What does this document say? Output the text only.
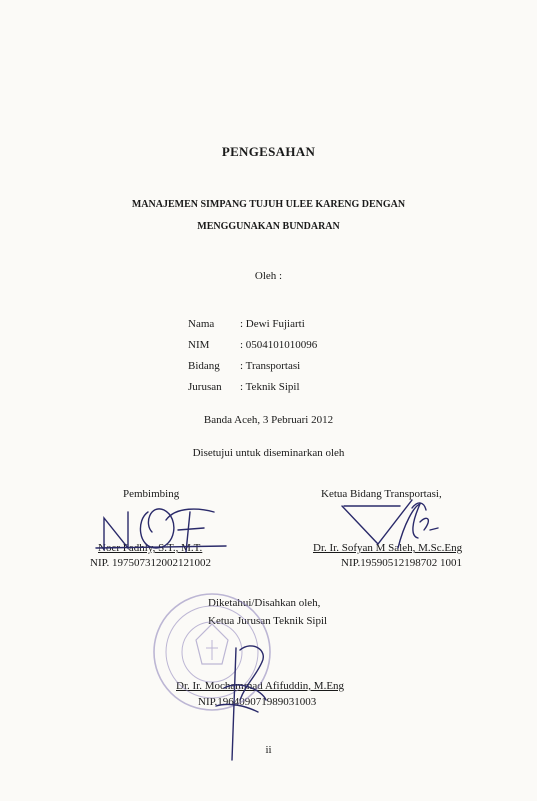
PENGESAHAN
MANAJEMEN SIMPANG TUJUH ULEE KARENG DENGAN
MENGGUNAKAN BUNDARAN
Oleh :
Nama	: Dewi Fujiarti
NIM	: 0504101010096
Bidang	: Transportasi
Jurusan	: Teknik Sipil
Banda Aceh, 3 Pebruari 2012
Disetujui untuk diseminarkan oleh
Pembimbing
Noer Fadhly, S.T., M.T.
NIP. 197507312002121002
Ketua Bidang Transportasi,
Dr. Ir. Sofyan M Saleh, M.Sc.Eng
NIP.19590512198702 1001
Diketahui/Disahkan oleh,
Ketua Jurusan Teknik Sipil
Dr. Ir. Mochammad Afifuddin, M.Eng
NIP.196409071989031003
ii
